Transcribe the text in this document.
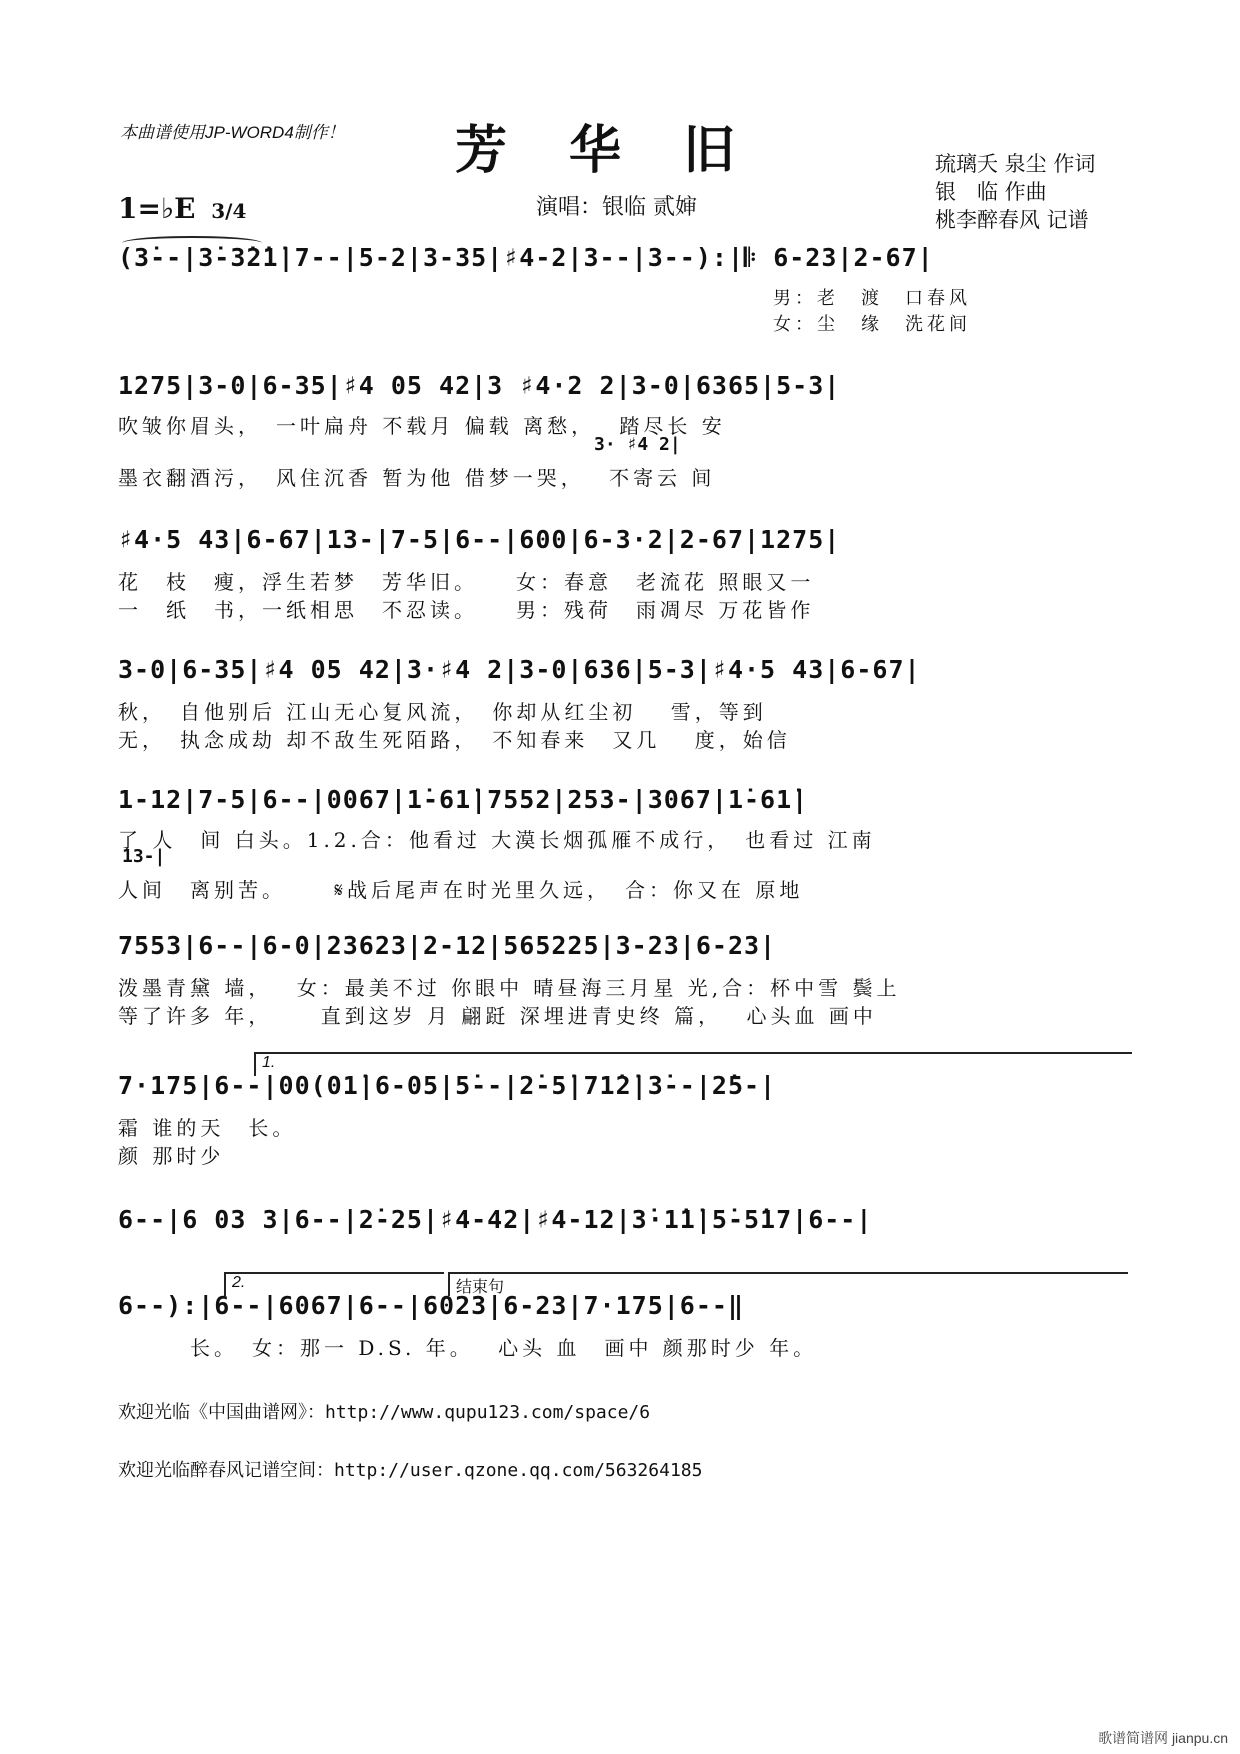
本曲谱使用JP-WORD4制作！ 芳华旧	琉璃夭 泉尘 作词
银　临 作曲
桃李醉春风 记谱
1=♭E 3/4	演唱：银临 贰婶
(3̇--|3̇-3̇2̇1̇|7--|5-2|3-35|♯4-2|3--|3--):|𝄆 6-23|2-67|
男：老　渡　口春风
女：尘　缘　洗花间
1275|3-0|6-35|♯4 05 42|3 ♯4·2 2|3-0|6365|5-3|
吹皱你眉头，　一叶扁舟 不载月 偏载 离愁，　 踏尽长 安
3· ♯4 2|
墨衣翻酒污，　风住沉香 暂为他 借梦一哭，　 不寄云 间
♯4·5 43|6-67|13-|7-5|6--|600|6-3·2|2-67|1275|
花　枝　瘦，浮生若梦　芳华旧。　　女：春意　老流花 照眼又一
一　纸　书，一纸相思　不忍读。　　男：残荷　雨凋尽 万花皆作
3-0|6-35|♯4 05 42|3·♯4 2|3-0|636|5-3|♯4·5 43|6-67|
秋，　自他别后 江山无心复风流，　你却从红尘初　 雪，等到
无，　执念成劫 却不敌生死陌路，　不知春来　又几　 度，始信
1-12|7-5|6--|0067|1̇-61̇|7552|253-|3067|1̇-61̇|
了 人　间 白头。1.2.合：他看过 大漠长烟孤雁不成行，　也看过 江南
13-|
人间　离别苦。　　 𝄋战后尾声在时光里久远，　合：你又在 原地
7553|6--|6-0|23623|2-12|565225|3-23|6-23|
泼墨青黛 墙，　 女：最美不过 你眼中 晴昼海三月星 光,合：杯中雪 鬓上
等了许多 年，　　 直到这岁 月 翩跹 深埋进青史终 篇，　 心头血 画中
1.
7·175|6--|00(01̇|6-05|5̇--|2̇-5̇|71̇2̇|3̇--|2̇5-|
霜 谁的天　长。
颜 那时少
6--|6 03 3|6--|2̇-25|♯4-42|♯4-12|3̇·1̇1̇|5̇-5̇17|6--|
2.	结束句
6--):|6--|6067|6--|6023|6-23|7·175|6--‖
　　　长。　女：那一 D.S. 年。　 心头 血　画中 颜那时少 年。
欢迎光临《中国曲谱网》：http://www.qupu123.com/space/6
欢迎光临醉春风记谱空间：http://user.qzone.qq.com/563264185
歌谱简谱网 jianpu.cn
